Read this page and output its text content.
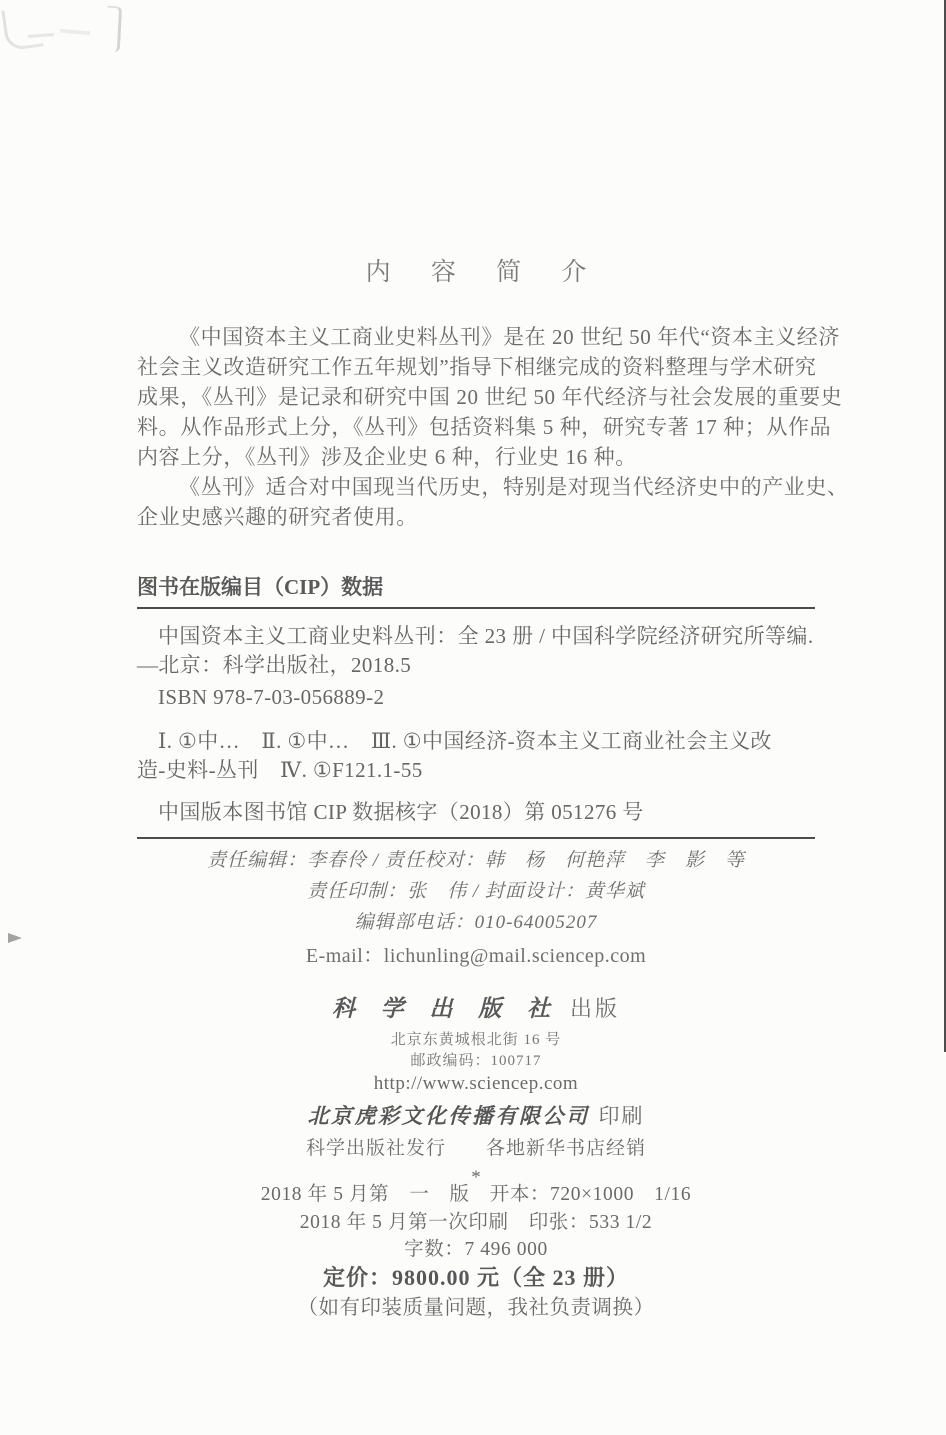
内 容 简 介
《中国资本主义工商业史料丛刊》是在 20 世纪 50 年代“资本主义经济
社会主义改造研究工作五年规划”指导下相继完成的资料整理与学术研究
成果，《丛刊》是记录和研究中国 20 世纪 50 年代经济与社会发展的重要史
料。从作品形式上分，《丛刊》包括资料集 5 种，研究专著 17 种；从作品
内容上分，《丛刊》涉及企业史 6 种，行业史 16 种。
《丛刊》适合对中国现当代历史，特别是对现当代经济史中的产业史、
企业史感兴趣的研究者使用。
图书在版编目（CIP）数据
中国资本主义工商业史料丛刊：全 23 册 / 中国科学院经济研究所等编.
—北京：科学出版社，2018.5
ISBN 978-7-03-056889-2
Ⅰ. ①中…　Ⅱ. ①中…　Ⅲ. ①中国经济-资本主义工商业社会主义改
造-史料-丛刊　Ⅳ. ①F121.1-55
中国版本图书馆 CIP 数据核字（2018）第 051276 号
责任编辑：李春伶 / 责任校对：韩　杨　何艳萍　李　影　等
责任印制：张　伟 / 封面设计：黄华斌
编辑部电话：010-64005207
E-mail：lichunling@mail.sciencep.com
科 学 出 版 社 出版
北京东黄城根北街 16 号
邮政编码：100717
http://www.sciencep.com
北京虎彩文化传播有限公司 印刷
科学出版社发行　　各地新华书店经销
*
2018 年 5 月第　一　版　开本：720×1000　1/16
2018 年 5 月第一次印刷　印张：533 1/2
字数：7 496 000
定价：9800.00 元（全 23 册）
（如有印装质量问题，我社负责调换）
